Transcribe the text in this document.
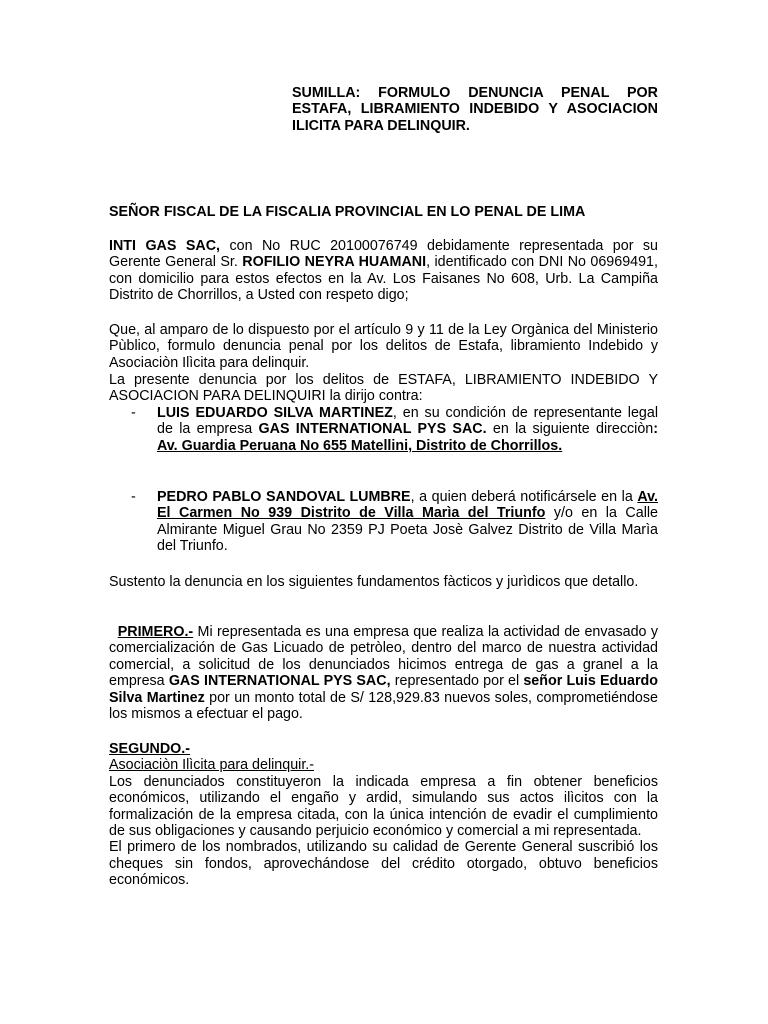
SUMILLA: FORMULO DENUNCIA PENAL POR ESTAFA, LIBRAMIENTO INDEBIDO Y ASOCIACION ILICITA PARA DELINQUIR.

SEÑOR FISCAL DE LA FISCALIA PROVINCIAL EN LO PENAL DE LIMA

INTI GAS SAC, con No RUC 20100076749 debidamente representada por su Gerente General Sr. ROFILIO NEYRA HUAMANI, identificado con DNI No 06969491, con domicilio para estos efectos en la Av. Los Faisanes No 608, Urb. La Campiña Distrito de Chorrillos, a Usted con respeto digo;

Que, al amparo de lo dispuesto por el artículo 9 y 11 de la Ley Orgànica del Ministerio Pùblico, formulo denuncia penal por los delitos de Estafa, libramiento Indebido y Asociaciòn Ilìcita para delinquir.

La presente denuncia por los delitos de ESTAFA, LIBRAMIENTO INDEBIDO Y ASOCIACION PARA DELINQUIRI la dirijo contra:

- LUIS EDUARDO SILVA MARTINEZ, en su condición de representante legal de la empresa GAS INTERNATIONAL PYS SAC. en la siguiente direcciòn: Av. Guardia Peruana No 655 Matellini, Distrito de Chorrillos.

- PEDRO PABLO SANDOVAL LUMBRE, a quien deberá notificársele en la Av. El Carmen No 939 Distrito de Villa Marìa del Triunfo y/o en la Calle Almirante Miguel Grau No 2359 PJ Poeta Josè Galvez Distrito de Villa Marìa del Triunfo.

Sustento la denuncia en los siguientes fundamentos fàcticos y jurìdicos que detallo.

PRIMERO.- Mi representada es una empresa que realiza la actividad de envasado y comercialización de Gas Licuado de petròleo, dentro del marco de nuestra actividad comercial, a solicitud de los denunciados hicimos entrega de gas a granel a la empresa GAS INTERNATIONAL PYS SAC, representado por el señor Luis Eduardo Silva Martinez por un monto total de S/ 128,929.83 nuevos soles, comprometiéndose los mismos a efectuar el pago.

SEGUNDO.-
Asociaciòn Ilìcita para delinquir.-
Los denunciados constituyeron la indicada empresa a fin obtener beneficios económicos, utilizando el engaño y ardid, simulando sus actos ilìcitos con la formalización de la empresa citada, con la única intención de evadir el cumplimiento de sus obligaciones y causando perjuicio económico y comercial a mi representada.
El primero de los nombrados, utilizando su calidad de Gerente General suscribió los cheques sin fondos, aprovechándose del crédito otorgado, obtuvo beneficios económicos.
